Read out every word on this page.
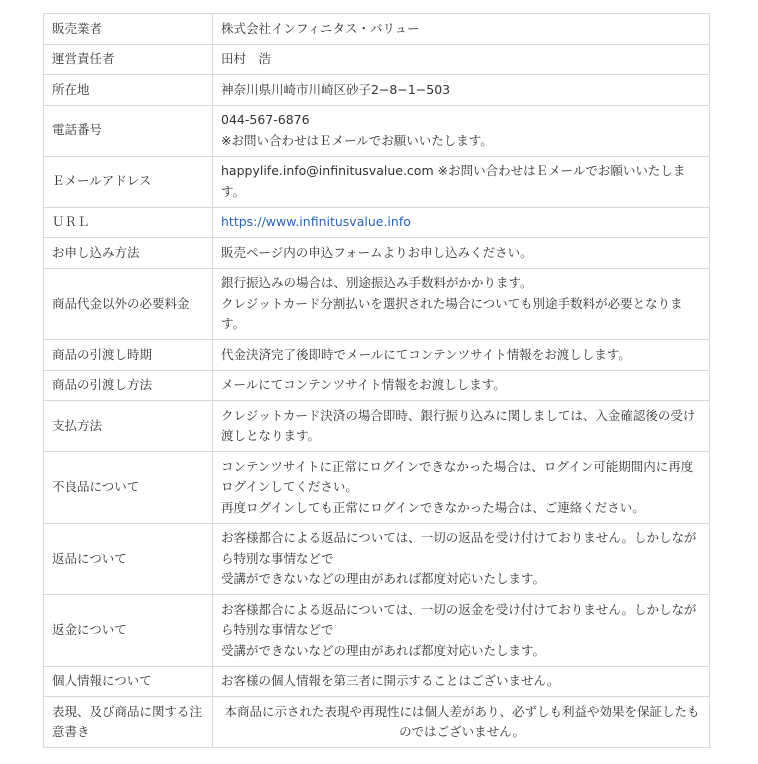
販売業者	株式会社インフィニタス・バリュー

運営責任者	田村　浩

所在地	神奈川県川崎市川崎区砂子2−8−1−503

電話番号	044-567-6876
※お問い合わせはＥメールでお願いいたします。

Ｅメールアドレス	happylife.info@infinitusvalue.com ※お問い合わせはＥメールでお願いいたします。

ＵＲＬ	https://www.infinitusvalue.info
お申し込み方法	販売ページ内の申込フォームよりお申し込みください。

商品代金以外の必要料金	銀行振込みの場合は、別途振込み手数料がかかります。
クレジットカード分割払いを選択された場合についても別途手数料が必要となります。

商品の引渡し時期	代金決済完了後即時でメールにてコンテンツサイト情報をお渡しします。

商品の引渡し方法	メールにてコンテンツサイト情報をお渡しします。

支払方法	クレジットカード決済の場合即時、銀行振り込みに関しましては、入金確認後の受け渡しとなります。

不良品について	コンテンツサイトに正常にログインできなかった場合は、ログイン可能期間内に再度ログインしてください。
再度ログインしても正常にログインできなかった場合は、ご連絡ください。

返品について	お客様都合による返品については、一切の返品を受け付けておりません。しかしながら特別な事情などで
受講ができないなどの理由があれば都度対応いたします。

返金について	お客様都合による返品については、一切の返金を受け付けておりません。しかしながら特別な事情などで
受講ができないなどの理由があれば都度対応いたします。

個人情報について	お客様の個人情報を第三者に開示することはございません。

表現、及び商品に関する注意書き	本商品に示された表現や再現性には個人差があり、必ずしも利益や効果を保証したものではございません。
